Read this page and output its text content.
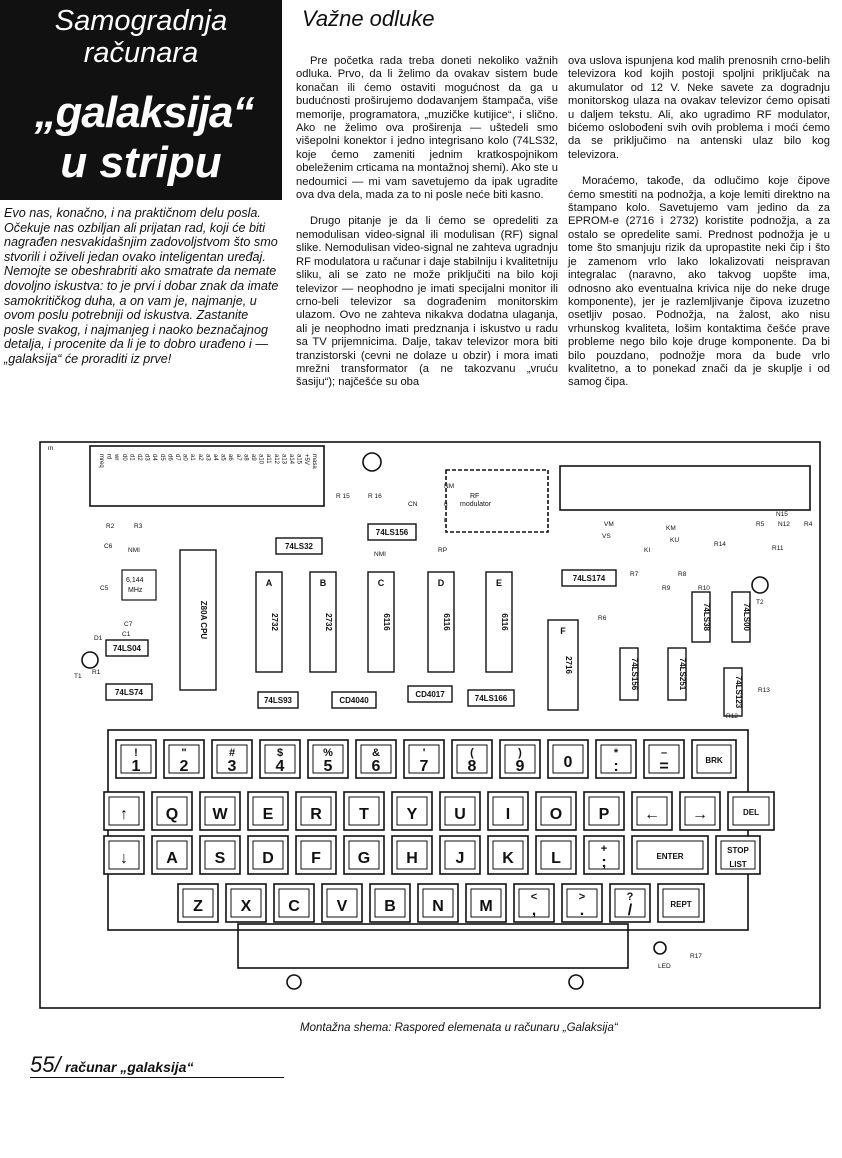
Samogradnja
računara
„galaksija“
u stripu
Evo nas, konačno, i na praktičnom delu posla. Očekuje nas ozbiljan ali prijatan rad, koji će biti nagrađen nesvakidašnjim zadovoljstvom što smo stvorili i oživeli jedan ovako inteligentan uređaj. Nemojte se obeshrabriti ako smatrate da nemate dovoljno iskustva: to je prvi i dobar znak da imate samokritičkog duha, a on vam je, najmanje, u ovom poslu potrebniji od iskustva. Zastanite posle svakog, i najmanjeg i naoko beznačajnog detalja, i procenite da li je to dobro urađeno i — „galaksija“ će proraditi iz prve!
Važne odluke

Pre početka rada treba doneti nekoliko važnih odluka. Prvo, da li želimo da ovakav sistem bude konačan ili ćemo ostaviti mogućnost da ga u budućnosti proširujemo dodavanjem štampača, više memorije, programatora, „muzičke kutijice“, i slično. Ako ne želimo ova proširenja — uštedeli smo višepolni konektor i jedno integrisano kolo (74LS32, koje ćemo zameniti jednim kratkospojnikom obeleženim crticama na montažnoj shemi). Ako ste u nedoumici — mi vam savetujemo da ipak ugradite ova dva dela, mada za to ni posle neće biti kasno.

Drugo pitanje je da li ćemo se opredeliti za nemodulisan video-signal ili modulisan (RF) signal slike. Nemodulisan video-signal ne zahteva ugradnju RF modulatora u računar i daje stabilniju i kvalitetniju sliku, ali se zato ne može priključiti na bilo koji televizor — neophodno je imati specijalni monitor ili crno-beli televizor sa dograđenim monitorskim ulazom. Ovo ne zahteva nikakva dodatna ulaganja, ali je neophodno imati predznanja i iskustvo u radu sa TV prijemnicima. Dalje, takav televizor mora biti tranzistorski (cevni ne dolaze u obzir) i mora imati mrežni transformator (a ne takozvanu „vruću šasiju“); najčešće su oba

ova uslova ispunjena kod malih prenosnih crno-belih televizora kod kojih postoji spoljni priključak na akumulator od 12 V. Neke savete za dogradnju monitorskog ulaza na ovakav televizor ćemo opisati u daljem tekstu. Ali, ako ugradimo RF modulator, bićemo oslobođeni svih ovih problema i moći ćemo da se priključimo na antenski ulaz bilo kog televizora.

Moraćemo, takođe, da odlučimo koje čipove ćemo smestiti na podnožja, a koje lemiti direktno na štampano kolo. Savetujemo vam jedino da za EPROM-e (2716 i 2732) koristite podnožja, a za ostalo se opredelite sami. Prednost podnožja je u tome što smanjuju rizik da upropastite neki čip i što je zamenom vrlo lako lokalizovati neispravan integralac (naravno, ako takvog uopšte ima, odnosno ako eventualna krivica nije do neke druge komponente), jer je razlemljivanje čipova izuzetno osetljiv posao. Podnožja, na žalost, ako nisu vrhunskog kvaliteta, lošim kontaktima češće prave probleme nego bilo koje druge komponente. Da bi bilo pouzdano, podnožje mora da bude vrlo kvalitetno, a to ponekad znači da je skuplje i od samog čipa.

Z80A CPU	2732
A
2732
B
6116
C
6116
D
6116
E
2716
F
74LS04
74LS74
74LS32
74LS156
74LS174
74LS38	74LS00
74LS156	74LS251
74LS123
74LS93	CD4040
CD4017	74LS166
!
1
"
2
#
3
$
4
%
5
&
6
'
7
(
8
)
9 0
*
:
–
=	BRK
↑ Q W E R T Y U I O P ← →	DEL
↓ A S D F G H J K L
+
;	ENTER
STOP
LIST
Z X C V B N M
<
,
>
.
?
/	REPT
NMI
NMI
VM
VS
KM
KU
KI
LED
T1
T2
R 15	R 16
CN
RP
R6
R7	R8
R9	R10
R11
R12
R13
R14
R17
C1
C5
C6
C7
D1
R1
R2	R3	R4
R5 N12
N15
NM
u
i
m
mreq rd wr d0 d1 d2 d3 d4 d5 d6 d7 a0 a1 a2 a3 a4 a5 a6 a7 a8 a9 a10 a11 a12 a13 a14 a15 +5V masa
RF
modulator
6,144
MHz
Montažna shema: Raspored elemenata u računaru „Galaksija“
55/ računar „galaksija“
